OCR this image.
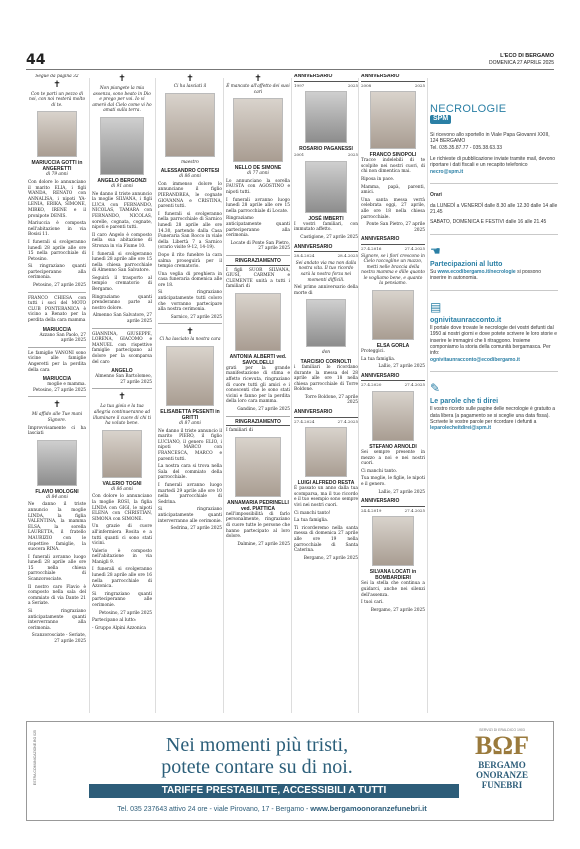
44	L'ECO DI BERGAMO
DOMENICA 27 APRILE 2025
Segue da pagina 32
✝
Con te parti un pezzo di noi, con noi resterà molto di te.
MARIUCCIA GOTTI in ANGERETTI
di 79 anni

Con dolore lo annunciano il marito ELIA, i figli WANDA, RENATO con ANNALISA, i nipoti YA-LENIA, ERIKA, SIMONE, MIRKO, IRENE e il pronipote DENIS.

Mariuccia è composta nell'abitazione in via Bosisi 11.

I funerali si svolgeranno lunedì 28 aprile alle ore 15 nella parrocchiale di Petosino.

Si ringraziano quanti parteciperanno alla cerimonia.

Petosino, 27 aprile 2025

FRANCO CHIESA con tutti i soci del MOTO CLUB PONTERANICA è vicino a Renato per la perdita della cara mamma

MARIUCCIA

Azzano San Paolo, 27 aprile 2025

Le famiglie VANONI sono vicine alle famiglie Angeretti per la perdita della cara

MARIUCCIA

moglie e mamma. Petosino, 27 aprile 2025

✝
Mi affido alle Tue mani Signore.

Improvvisamente ci ha lasciati

FLAVIO MOLOGNI
di 84 anni

Ne danno il triste annuncio la moglie LINDA, la figlia VALENTINA, la mamma ELSA, la sorella LAURETTA, il fratello MAURIZIO con le rispettive famiglie, la suocera RINA.

I funerali avranno luogo lunedì 28 aprile alle ore 15 nella chiesa parrocchiale di Scanzorosciate.

Il nostro caro Flavio è composto nella sala del commiato di via Dante 21 a Seriate.

Si ringraziano anticipatamente quanti interverranno alla cerimonia.

Scanzorosciate - Seriate, 27 aprile 2025

✝
Non piangete la mia assenza, sono beato in Dio e prego per voi. Io vi amerò dal Cielo come vi ho amati sulla terra.
ANGELO BERGONZI
di 91 anni

Ne danno il triste annuncio la moglie SILVANA, i figli LUCA con FERNANDO, NICOLAS, TAMARA con FERNANDO, NICOLAS, sorelle, cognata, cognate, nipoti e parenti tutti.

Il caro Angelo è composto nella sua abitazione di Stronza in via Fiume 10.

I funerali si svolgeranno lunedì 28 aprile alle ore 15 nella chiesa parrocchiale di Almenno San Salvatore.

Seguirà il trasporto al tempio crematorio di Bergamo.

Ringraziamo quanti prenderanno parte al nostro dolore.

Almenno San Salvatore, 27 aprile 2025

GIANNINA, GIUSEPPE, LORENA, GIACOMO e MANUEL con rispettive famiglie partecipano al dolore per la scomparsa del caro

ANGELO

Almenno San Bartolomeo, 27 aprile 2025

✝
La tua gioia e la tua allegria continueranno ad illuminare il cuore di chi ti ha voluto bene.
VALERIO TOGNI
di 86 anni

Con dolore lo annunciano la moglie ROSI, la figlia LINDA con GIGI, le nipoti ELENA con CHRISTIAN, SIMONA con SIMONE.

Un grazie di cuore all'infermiera Rosita e a tutti quanti ci sono stati vicini.

Valerio è composto nell'abitazione in via Manigli 9.

I funerali si svolgeranno lunedì 28 aprile alle ore 16 nella parrocchiale di Azzonica.

Si ringraziano quanti parteciperanno alle cerimonie.

Petosino, 27 aprile 2025

Partecipano al lutto:

- Gruppo Alpini Azzonica

✝
Ci ha lasciati il
maestro
ALESSANDRO CORTESI
di 86 anni

Con immenso dolore lo annunciano il figlio PIERANDREA, le cognate GIOVANNA e CRISTINA, parenti tutti.

I funerali si svolgeranno nella parrocchiale di Sarnico lunedì 28 aprile alle ore 14.30, partendo dalla Casa Funeraria San Rocco in viale della Libertà 7 a Sarnico (orario visite 9-12, 14-19).

Dopo il rito funebre la cara salma proseguirà per il tempio crematorio.

Una veglia di preghiera in casa funeraria domenica alle ore 18.

Si ringraziano anticipatamente tutti coloro che vorranno partecipare alla nostra cerimonia.

Sarnico, 27 aprile 2025

✝
Ci ha lasciato la nostra cara
ELISABETTA PESENTI in GRITTI
di 87 anni

Ne danno il triste annuncio il marito PIERO, il figlio LUCIANO, il genero ELIO, i nipoti MARCO con FRANCESCA, MARCO e parenti tutti.

La nostra cara si trova nella Sala del commiato della parrocchiale.

I funerali avranno luogo martedì 29 aprile alle ore 10 nella parrocchiale di Sedrina.

Si ringraziano anticipatamente quanti interverranno alle cerimonie.

Sedrina, 27 aprile 2025

✝
È mancato all'affetto dei suoi cari
NELLO DE SIMONE
di 77 anni

Lo annunciano la sorella FAUSTA con AGOSTINO e nipoti tutti.

I funerali avranno luogo lunedì 28 aprile alle ore 15 nella parrocchiale di Locate.

Ringraziamo anticipatamente quanti parteciperanno alla cerimonia.

Locate di Ponte San Pietro, 27 aprile 2025

RINGRAZIAMENTO

I figli SUOR SILVANA, GIUSI, CARMEN e CLEMENTE unità a tutti i familiari di

ANTONIA ALBERTI ved. SAVOLDELLI

grati per la grande manifestazione di stima e affetto ricevuta, ringraziano di cuore tutti gli amici e i conoscenti che le sono stati vicini e fanno per la perdita della loro cara mamma.

Gandino, 27 aprile 2025

RINGRAZIAMENTO

I familiari di

ANNAMARIA PEDRINELLI ved. PIATTICA

nell'impossibilità di farlo personalmente, ringraziano di cuore tutte le persone che hanno partecipato al loro dolore.

Dalmine, 27 aprile 2025

ANNIVERSARIO
1997	2025
ROSARIO PAGANESSI
2001	2025
JOSÉ IMBERTI

I vostri familiari, con immutato affetto.

Castigione, 27 aprile 2025

ANNIVERSARIO
28.4.2024	28.4.2025
Sei andato via ma non dalla nostra vita. Il tuo ricordo sarà la nostra forza nei momenti difficili.

Nel primo anniversario della morte di

don
TARCISIO CORNOLTI

i familiari lo ricordano durante la messa del 28 aprile alle ore 18 nella chiesa parrocchiale di Torre Boldone.

Torre Boldone, 27 aprile 2025

ANNIVERSARIO
27.4.2024	27.4.2025
LUIGI ALFREDO RESTA

È passato un anno dalla tua scomparsa, ma il tuo ricordo e il tuo esempio sono sempre vivi nei nostri cuori.

Ci manchi tanto!

La tua famiglia.

Ti ricorderemo nella santa messa di domenica 27 aprile alle ore 19 nella parrocchiale di Santa Caterina.

Bergamo, 27 aprile 2025

ANNIVERSARIO
2008	2025
FRANCO SINOPOLI

Tracce indelebili di te scolpite nei nostri cuori, di chi non dimentica mai.

Riposa in pace.

Mamma, papà, parenti, amici.

Una santa messa verrà celebrata oggi, 27 aprile, alle ore 18 nella chiesa parrocchiale.

Ponte San Pietro, 27 aprile 2025

ANNIVERSARIO
27.4.2016	27.4.2025
Signore, se i fiori crescono in Cielo raccogline un mazzo, metti nelle braccia della nostra mamma e dille quanto le vogliamo bene, e quanto la pensiamo.
ELSA GORLA

Proteggici.

La tua famiglia.

Lallio, 27 aprile 2025

ANNIVERSARIO
27.4.2020	27.4.2025
STEFANO ARNOLDI

Sei sempre presente in mezzo a noi e nei nostri cuori.

Ci manchi tanto.

Tua moglie, le figlie, le nipoti e il genero.

Lallio, 27 aprile 2025

ANNIVERSARIO
24.4.2019	27.4.2025
SILVANA LOCATI in BOMBARDIERI

Sei la stella che continua a guidarci, anche nei silenzi dell'assenza.

I tuoi cari.

Bergamo, 27 aprile 2025

NECROLOGIE
SPM
Si ricevono allo sportello in Viale Papa Giovanni XXIII, 124 BERGAMO
Tel. 035.35.87.77 - 035.38.63.33
Le richieste di pubblicazione inviate tramite mail, devono riportare i dati fiscali e un recapito telefonico
necro@spm.it
Orari
da LUNEDÌ a VENERDÌ dalle 8.30 alle 12.30 dalle 14 alle 21.45
SABATO, DOMENICA E FESTIVI dalle 16 alle 21.45
☚
Partecipazioni al lutto
Su www.ecodibergamo.it/necrologie si possono inserire in autonomia.
▤
ognivitaunracconto.it
Il portale dove trovate le necrologie dei vostri defunti dal 1950 ai nostri giorni e dove potete scrivere le loro storie e inserire le immagini che li ritraggono. Insieme componiamo la storia della comunità bergamasca. Per info:
ognivitaunracconto@ecodibergamo.it
✎
Le parole che ti direi
Il vostro ricordo sulle pagine delle necrologie è gratuito a data libera (a pagamento se si sceglie una data fissa). Scrivete le vostre parole per ricordare i defunti a
leparolecheitdirei@spm.it
ESTRA.COMUNICAZIONE.BG 025	Nei momenti più tristi,
potete contare su di noi.
TARIFFE PRESTABILITE, ACCESSIBILI A TUTTI
Tel. 035 237643 attivo 24 ore - viale Pirovano, 17 - Bergamo - www.bergamoonoranzefunebri.it
SERVIZI DI ERALDICO 1903
BΩF
BERGAMO
ONORANZE
FUNEBRI
